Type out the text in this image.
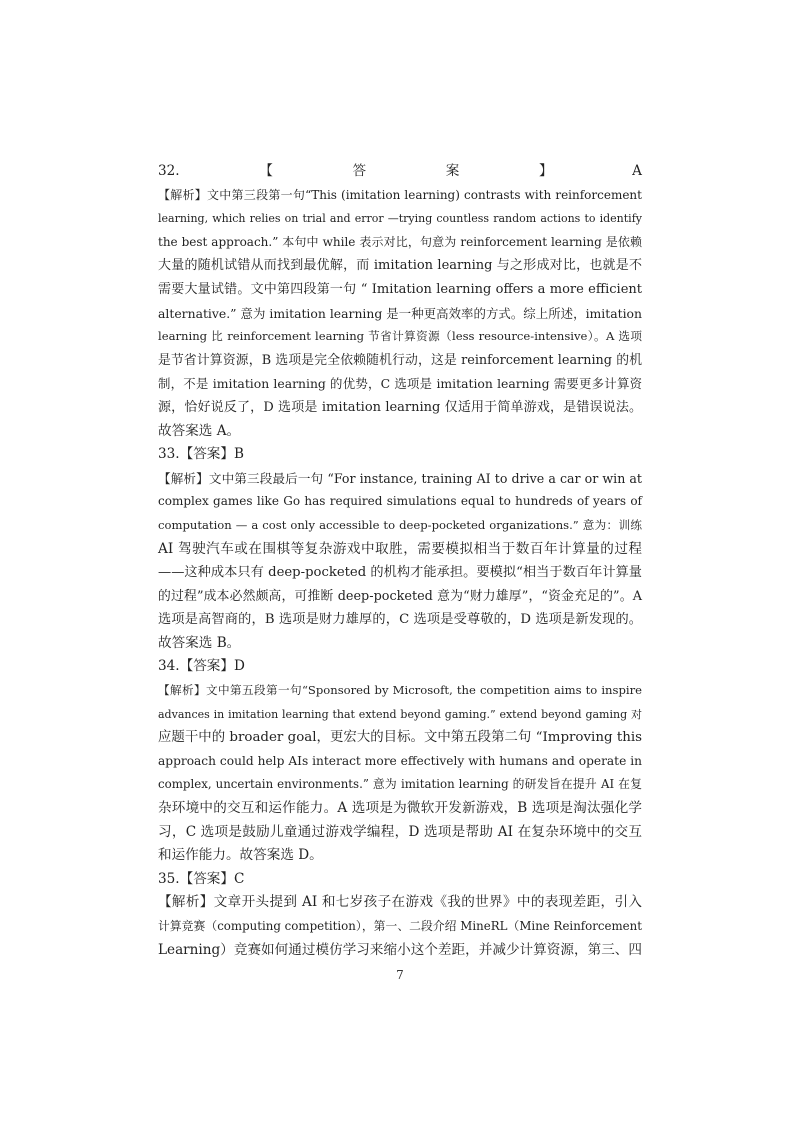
32.【答案】A
【解析】文中第三段第一句“This (imitation learning) contrasts with reinforcement
learning, which relies on trial and error —trying countless random actions to identify
the best approach.” 本句中 while 表示对比，句意为 reinforcement learning 是依赖
大量的随机试错从而找到最优解，而 imitation learning 与之形成对比，也就是不
需要大量试错。文中第四段第一句 “ Imitation learning offers a more efficient
alternative.” 意为 imitation learning 是一种更高效率的方式。综上所述，imitation
learning 比 reinforcement learning 节省计算资源（less resource-intensive）。A 选项
是节省计算资源，B 选项是完全依赖随机行动，这是 reinforcement learning 的机
制，不是 imitation learning 的优势，C 选项是 imitation learning 需要更多计算资
源，恰好说反了，D 选项是 imitation learning 仅适用于简单游戏，是错误说法。
故答案选 A。
33.【答案】B
【解析】文中第三段最后一句 “For instance, training AI to drive a car or win at
complex games like Go has required simulations equal to hundreds of years of
computation — a cost only accessible to deep-pocketed organizations.” 意为：训练
AI 驾驶汽车或在围棋等复杂游戏中取胜，需要模拟相当于数百年计算量的过程
——这种成本只有 deep-pocketed 的机构才能承担。要模拟“相当于数百年计算量
的过程”成本必然颇高，可推断 deep-pocketed 意为“财力雄厚”，“资金充足的”。A
选项是高智商的，B 选项是财力雄厚的，C 选项是受尊敬的，D 选项是新发现的。
故答案选 B。
34.【答案】D
【解析】文中第五段第一句“Sponsored by Microsoft, the competition aims to inspire
advances in imitation learning that extend beyond gaming.” extend beyond gaming 对
应题干中的 broader goal，更宏大的目标。文中第五段第二句 “Improving this
approach could help AIs interact more effectively with humans and operate in
complex, uncertain environments.” 意为 imitation learning 的研发旨在提升 AI 在复
杂环境中的交互和运作能力。A 选项是为微软开发新游戏，B 选项是淘汰强化学
习，C 选项是鼓励儿童通过游戏学编程，D 选项是帮助 AI 在复杂环境中的交互
和运作能力。故答案选 D。
35.【答案】C
【解析】文章开头提到 AI 和七岁孩子在游戏《我的世界》中的表现差距，引入
计算竞赛（computing competition），第一、二段介绍 MineRL（Mine Reinforcement
Learning）竞赛如何通过模仿学习来缩小这个差距，并减少计算资源，第三、四
7
